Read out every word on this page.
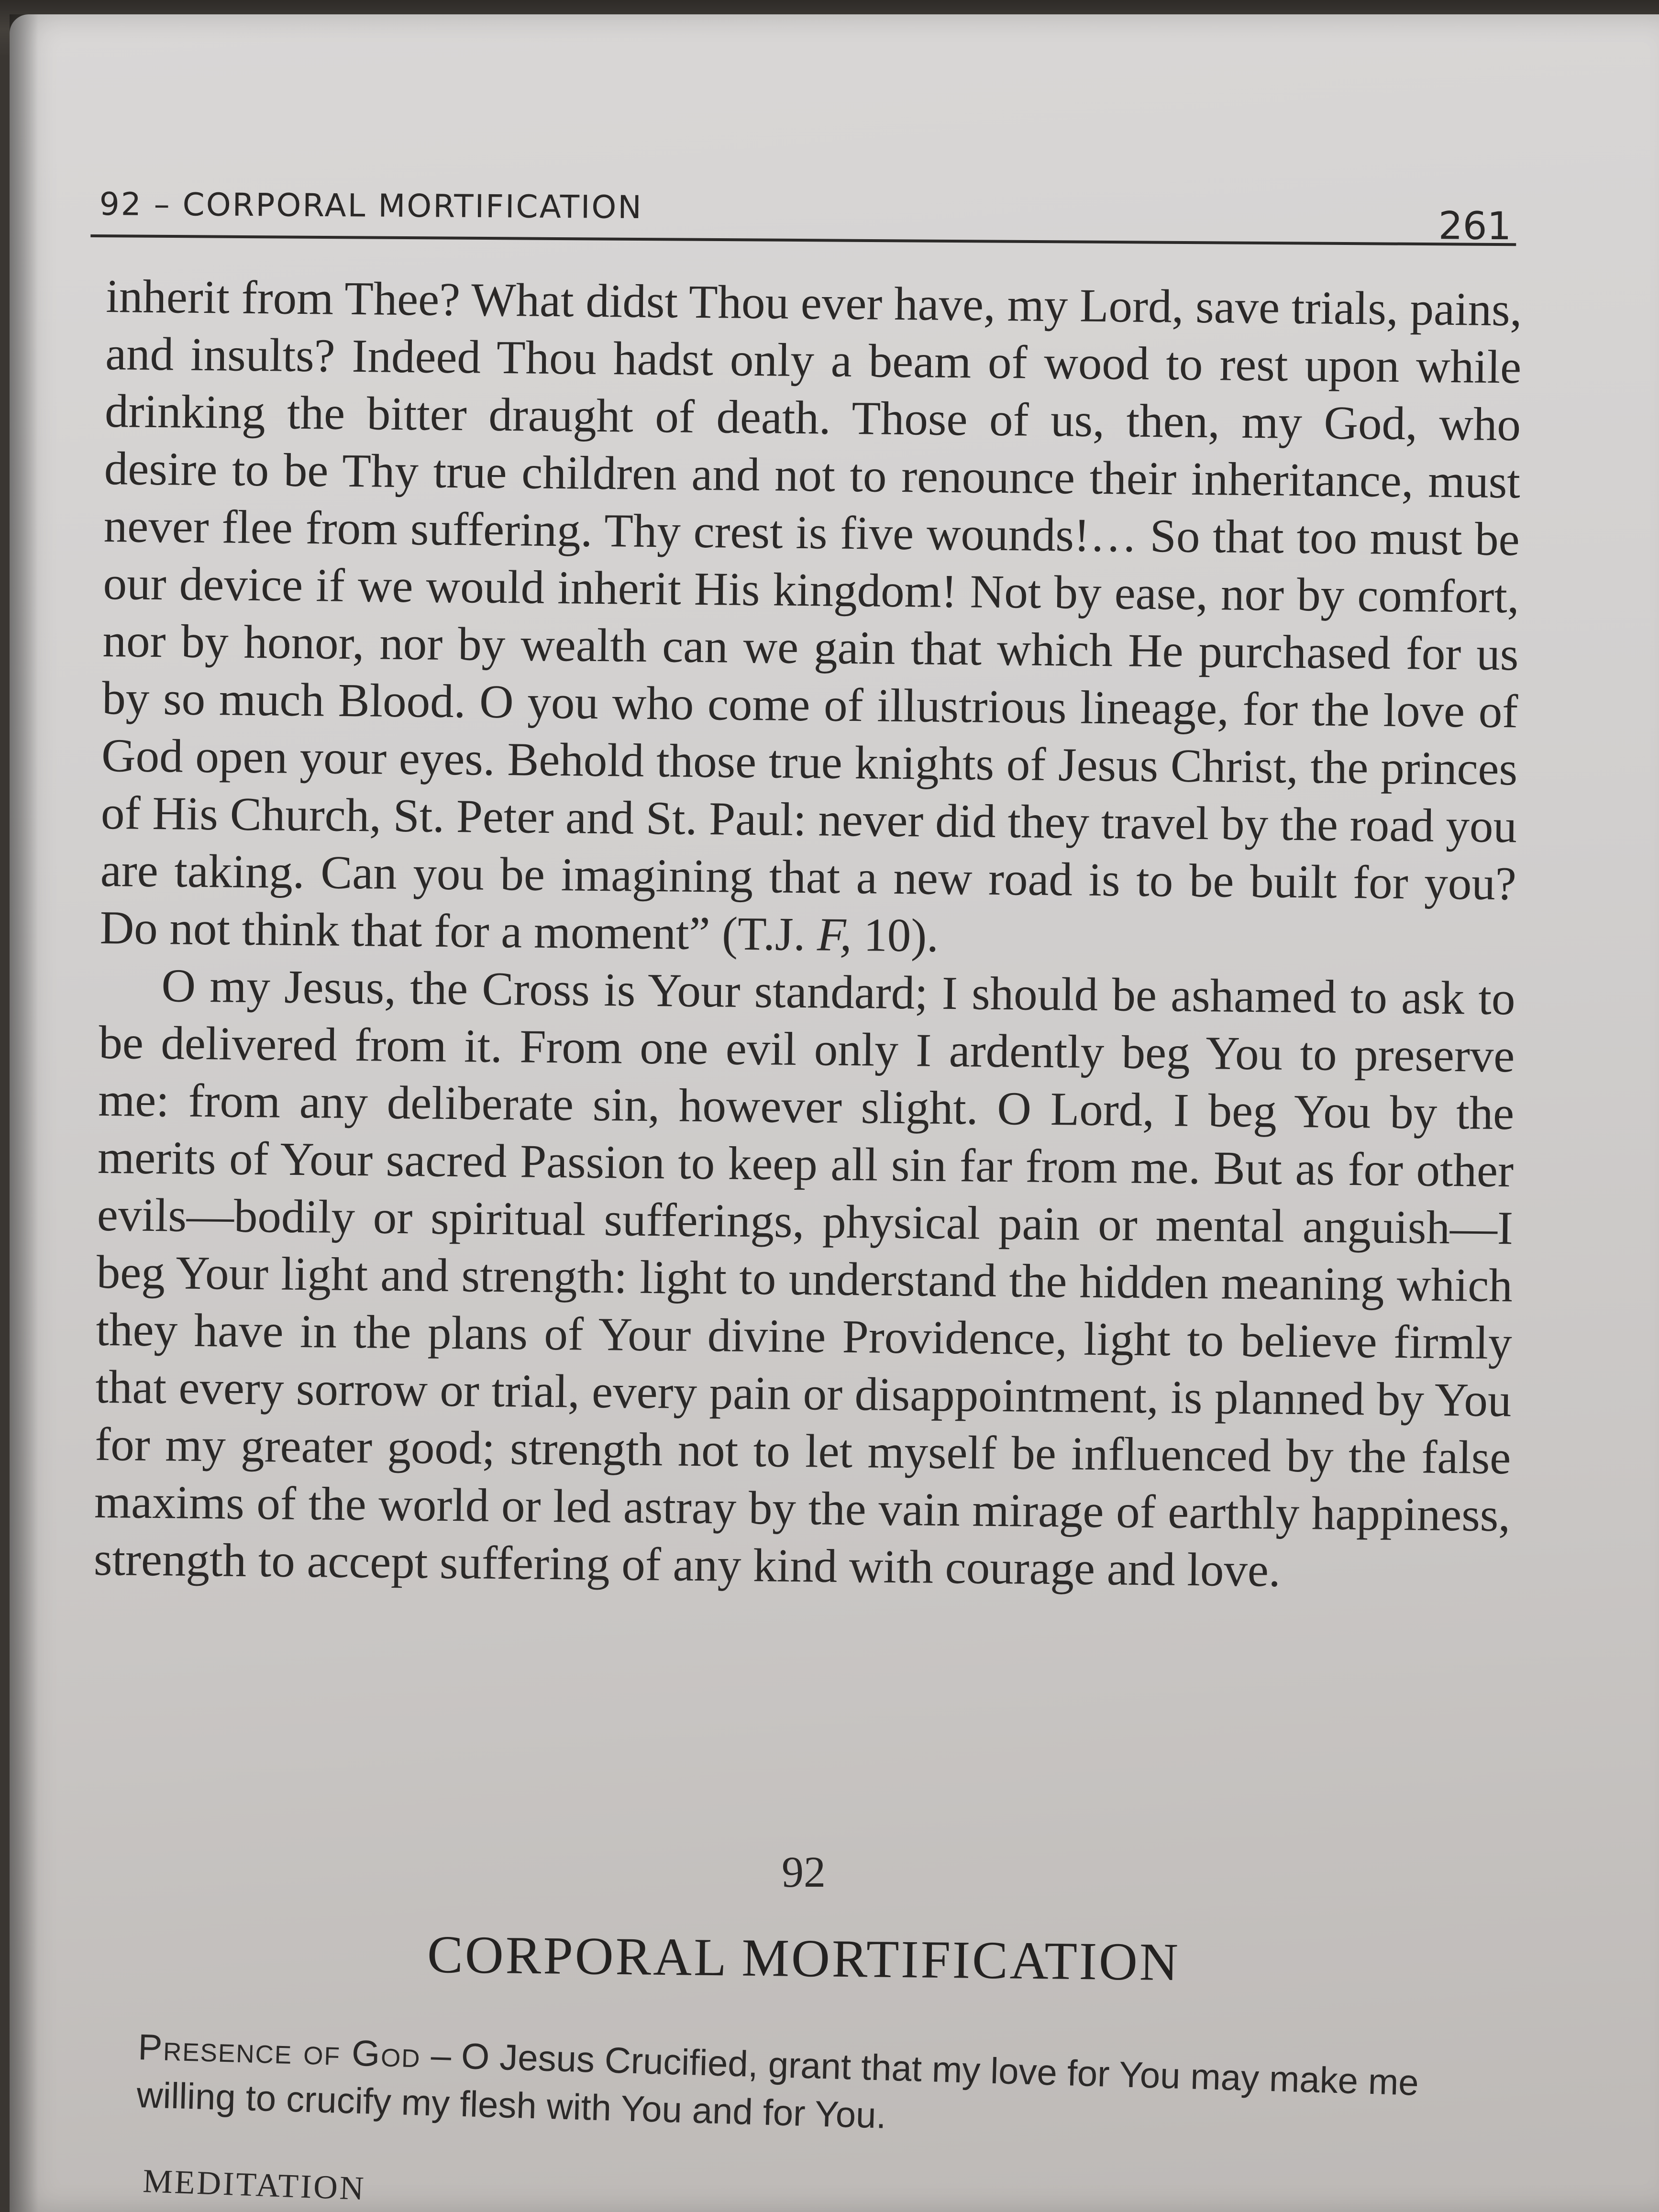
92 – CORPORAL MORTIFICATION	261

inherit from Thee? What didst Thou ever have, my Lord, save trials, pains, and insults? Indeed Thou hadst only a beam of wood to rest upon while drinking the bitter draught of death. Those of us, then, my God, who desire to be Thy true children and not to renounce their inheritance, must never flee from suffering. Thy crest is five wounds!… So that too must be our device if we would inherit His kingdom! Not by ease, nor by comfort, nor by honor, nor by wealth can we gain that which He purchased for us by so much Blood. O you who come of illustrious lineage, for the love of God open your eyes. Behold those true knights of Jesus Christ, the princes of His Church, St. Peter and St. Paul: never did they travel by the road you are taking. Can you be imagining that a new road is to be built for you? Do not think that for a moment” (T.J. F, 10).

O my Jesus, the Cross is Your standard; I should be ashamed to ask to be delivered from it. From one evil only I ardently beg You to preserve me: from any deliberate sin, however slight. O Lord, I beg You by the merits of Your sacred Passion to keep all sin far from me. But as for other evils—bodily or spiritual sufferings, physical pain or mental anguish—I beg Your light and strength: light to understand the hidden meaning which they have in the plans of Your divine Providence, light to believe firmly that every sorrow or trial, every pain or disappointment, is planned by You for my greater good; strength not to let myself be influenced by the false maxims of the world or led astray by the vain mirage of earthly happiness, strength to accept suffering of any kind with courage and love.

92
CORPORAL MORTIFICATION
Presence of God – O Jesus Crucified, grant that my love for You may make me willing to crucify my flesh with You and for You.
MEDITATION
